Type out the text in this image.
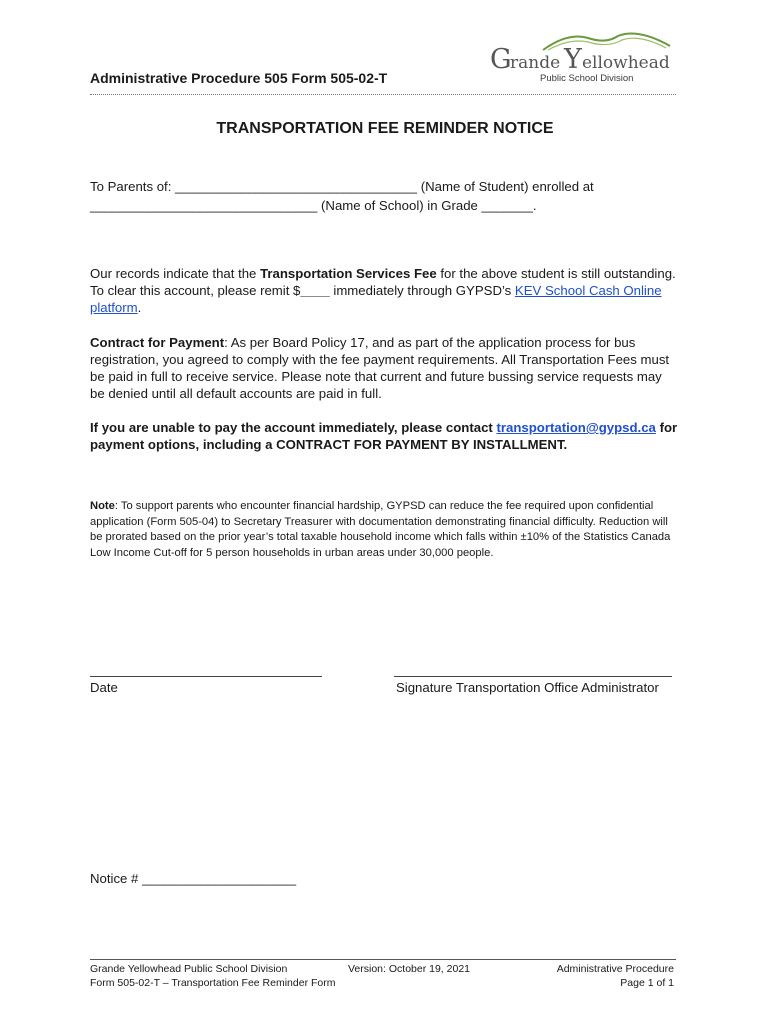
Administrative Procedure 505 Form 505-02-T
G
rande Y ellowhead
Public School Division
TRANSPORTATION FEE REMINDER NOTICE
To Parents of: _________________________________ (Name of Student) enrolled at
_______________________________ (Name of School) in Grade _______.
Our records indicate that the Transportation Services Fee for the above student is still outstanding. To clear this account, please remit $____ immediately through GYPSD’s KEV School Cash Online platform.
Contract for Payment: As per Board Policy 17, and as part of the application process for bus registration, you agreed to comply with the fee payment requirements. All Transportation Fees must be paid in full to receive service. Please note that current and future bussing service requests may be denied until all default accounts are paid in full.
If you are unable to pay the account immediately, please contact transportation@gypsd.ca for payment options, including a CONTRACT FOR PAYMENT BY INSTALLMENT.
Note: To support parents who encounter financial hardship, GYPSD can reduce the fee required upon confidential application (Form 505-04) to Secretary Treasurer with documentation demonstrating financial difficulty. Reduction will be prorated based on the prior year’s total taxable household income which falls within ±10% of the Statistics Canada Low Income Cut-off for 5 person households in urban areas under 30,000 people.
Date	Signature Transportation Office Administrator
Notice # _____________________
Grande Yellowhead Public School Division	Version: October 19, 2021
Form 505-02-T – Transportation Fee Reminder Form
Administrative Procedure
Page 1 of 1
